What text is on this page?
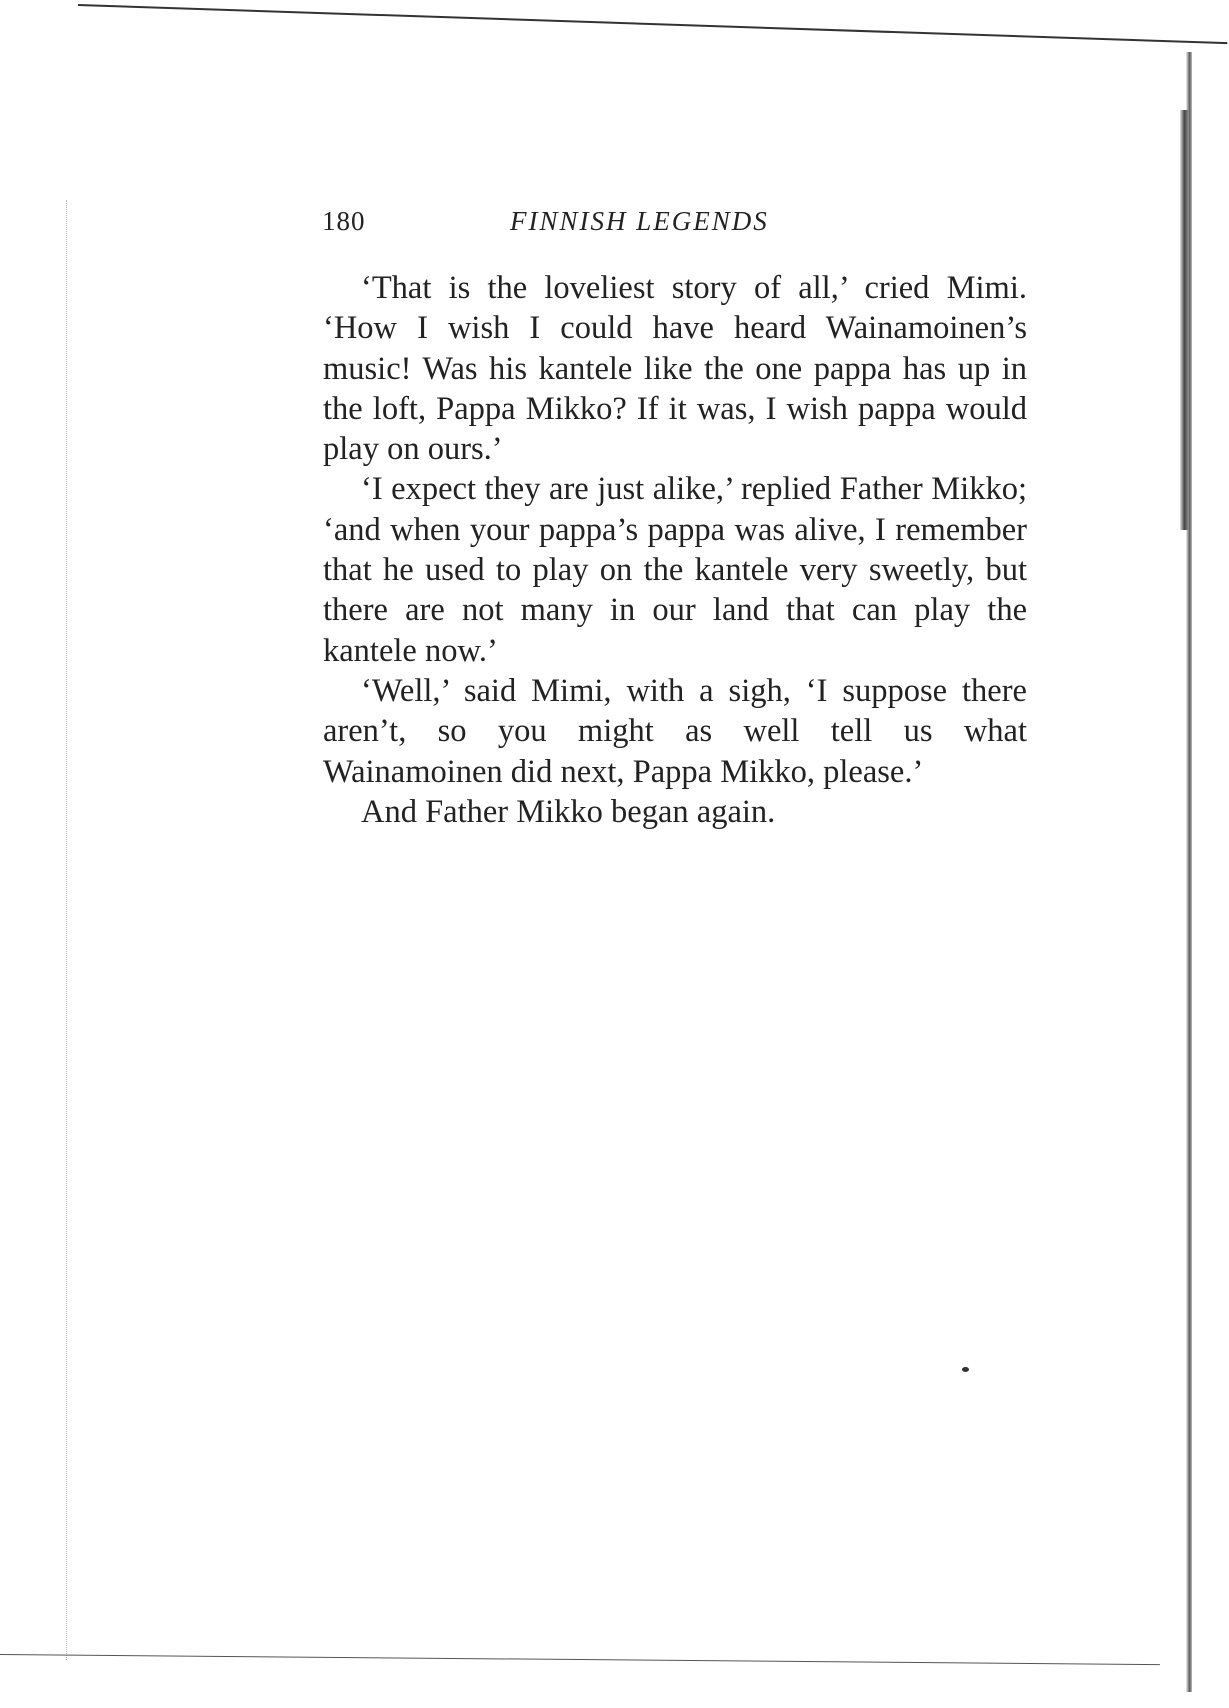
180	FINNISH LEGENDS

‘That is the loveliest story of all,’ cried Mimi. ‘How I wish I could have heard Wainamoinen’s music! Was his kantele like the one pappa has up in the loft, Pappa Mikko? If it was, I wish pappa would play on ours.’

‘I expect they are just alike,’ replied Father Mikko; ‘and when your pappa’s pappa was alive, I remember that he used to play on the kantele very sweetly, but there are not many in our land that can play the kantele now.’

‘Well,’ said Mimi, with a sigh, ‘I suppose there aren’t, so you might as well tell us what Wainamoinen did next, Pappa Mikko, please.’

And Father Mikko began again.
